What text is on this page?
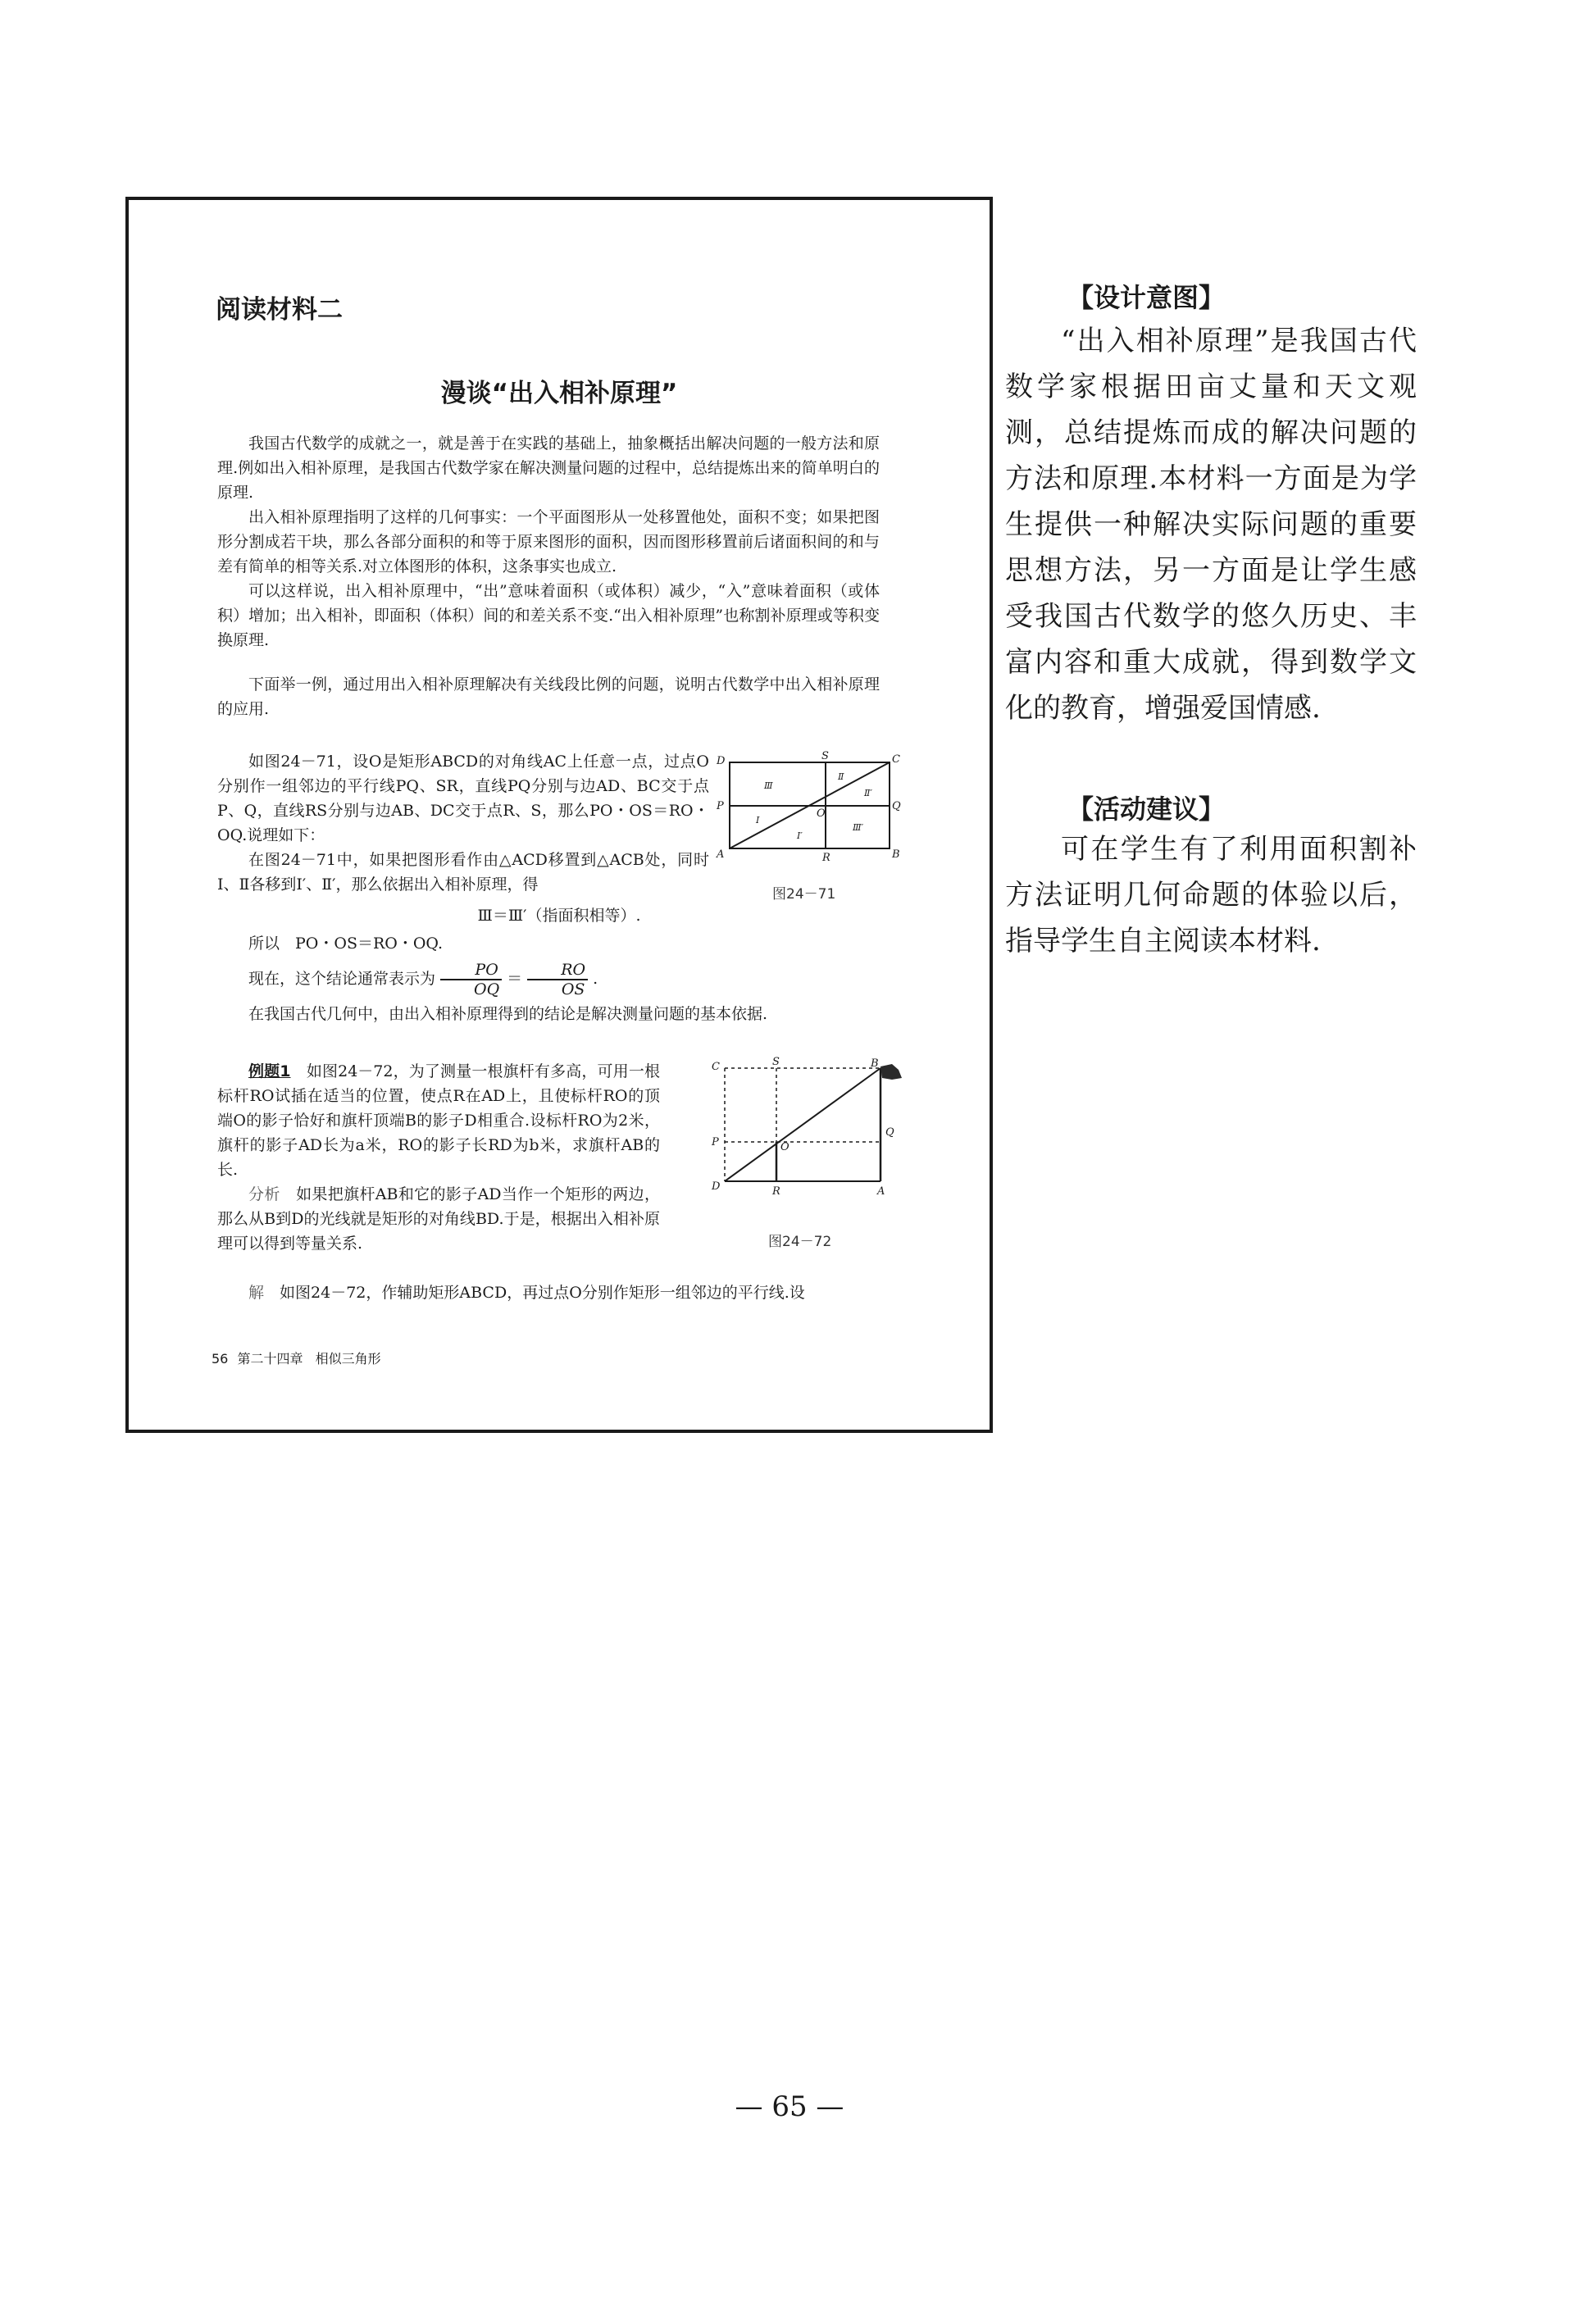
阅读材料二
漫谈“出入相补原理”

我国古代数学的成就之一，就是善于在实践的基础上，抽象概括出解决问题的一般方法和原理.例如出入相补原理，是我国古代数学家在解决测量问题的过程中，总结提炼出来的简单明白的原理.

出入相补原理指明了这样的几何事实：一个平面图形从一处移置他处，面积不变；如果把图形分割成若干块，那么各部分面积的和等于原来图形的面积，因而图形移置前后诸面积间的和与差有简单的相等关系.对立体图形的体积，这条事实也成立.

可以这样说，出入相补原理中，“出”意味着面积（或体积）减少，“入”意味着面积（或体积）增加；出入相补，即面积（体积）间的和差关系不变.“出入相补原理”也称割补原理或等积变换原理.

下面举一例，通过用出入相补原理解决有关线段比例的问题，说明古代数学中出入相补原理的应用.

如图24－71，设O是矩形ABCD的对角线AC上任意一点，过点O分别作一组邻边的平行线PQ、SR，直线PQ分别与边AD、BC交于点P、Q，直线RS分别与边AB、DC交于点R、S，那么PO・OS＝RO・OQ.说理如下：

在图24－71中，如果把图形看作由△ACD移置到△ACB处，同时Ⅰ、Ⅱ各移到Ⅰ′、Ⅱ′，那么依据出入相补原理，得

D	S	C
P
O
Q
A	R	B
Ⅲ
Ⅱ
Ⅱ′
Ⅰ
Ⅰ′
Ⅲ′
图24－71
Ⅲ＝Ⅲ′（指面积相等）.

所以　PO・OS＝RO・OQ.

现在，这个结论通常表示为 $\frac{PO}{OQ} = \frac{RO}{OS}$ .

在我国古代几何中，由出入相补原理得到的结论是解决测量问题的基本依据.

例题1　 如图24－72，为了测量一根旗杆有多高，可用一根标杆RO试插在适当的位置，使点R在AD上，且使标杆RO的顶端O的影子恰好和旗杆顶端B的影子D相重合.设标杆RO为2米，旗杆的影子AD长为a米，RO的影子长RD为b米，求旗杆AB的长.

分析　 如果把旗杆AB和它的影子AD当作一个矩形的两边，那么从B到D的光线就是矩形的对角线BD.于是，根据出入相补原理可以得到等量关系.

C	S	B
P	O
Q
D	R	A
图24－72

解　 如图24－72，作辅助矩形ABCD，再过点O分别作矩形一组邻边的平行线.设

56 第二十四章 相似三角形
【设计意图】

“出入相补原理”是我国古代数学家根据田亩丈量和天文观测，总结提炼而成的解决问题的方法和原理.本材料一方面是为学生提供一种解决实际问题的重要思想方法，另一方面是让学生感受我国古代数学的悠久历史、丰富内容和重大成就，得到数学文化的教育，增强爱国情感.

【活动建议】

可在学生有了利用面积割补方法证明几何命题的体验以后，指导学生自主阅读本材料.

— 65 —
